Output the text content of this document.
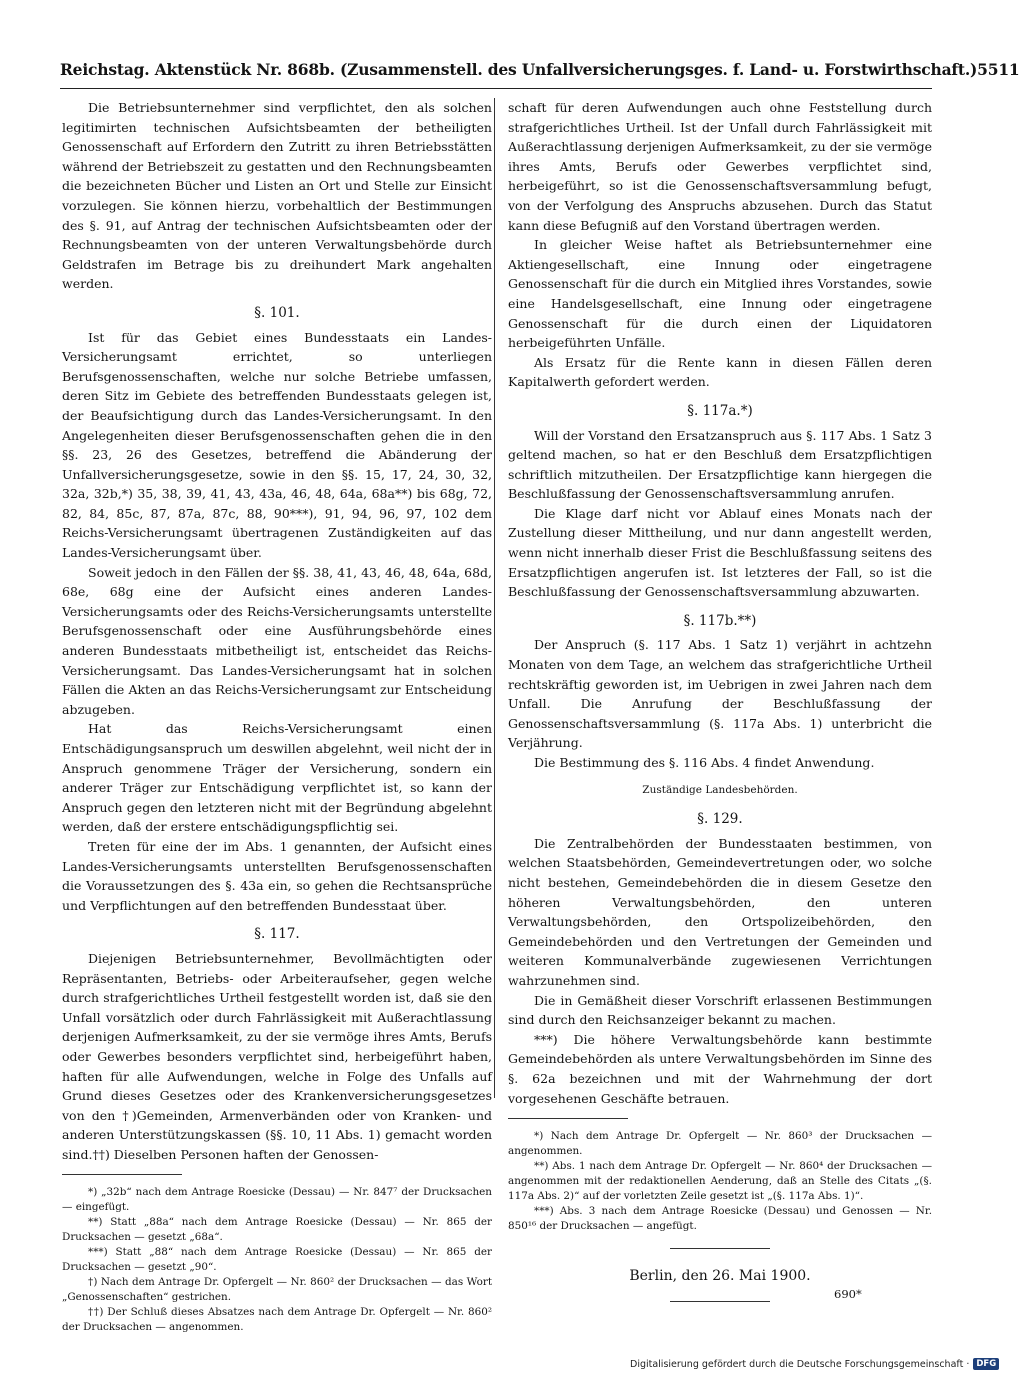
Reichstag. Aktenstück Nr. 868b. (Zusammenstell. des Unfallversicherungsges. f. Land- u. Forstwirthschaft.) 5511

Die Betriebsunternehmer sind verpflichtet, den als solchen legitimirten technischen Aufsichtsbeamten der betheiligten Genossenschaft auf Erfordern den Zutritt zu ihren Betriebsstätten während der Betriebszeit zu gestatten und den Rechnungsbeamten die bezeichneten Bücher und Listen an Ort und Stelle zur Einsicht vorzulegen. Sie können hierzu, vorbehaltlich der Bestimmungen des §. 91, auf Antrag der technischen Aufsichtsbeamten oder der Rechnungsbeamten von der unteren Verwaltungsbehörde durch Geldstrafen im Betrage bis zu dreihundert Mark angehalten werden.

§. 101.

Ist für das Gebiet eines Bundesstaats ein Landes-Versicherungsamt errichtet, so unterliegen Berufsgenossenschaften, welche nur solche Betriebe umfassen, deren Sitz im Gebiete des betreffenden Bundesstaats gelegen ist, der Beaufsichtigung durch das Landes-Versicherungsamt. In den Angelegenheiten dieser Berufsgenossenschaften gehen die in den §§. 23, 26 des Gesetzes, betreffend die Abänderung der Unfallversicherungsgesetze, sowie in den §§. 15, 17, 24, 30, 32, 32a, 32b,*) 35, 38, 39, 41, 43, 43a, 46, 48, 64a, 68a**) bis 68g, 72, 82, 84, 85c, 87, 87a, 87c, 88, 90***), 91, 94, 96, 97, 102 dem Reichs-Versicherungsamt übertragenen Zuständigkeiten auf das Landes-Versicherungsamt über.

Soweit jedoch in den Fällen der §§. 38, 41, 43, 46, 48, 64a, 68d, 68e, 68g eine der Aufsicht eines anderen Landes-Versicherungsamts oder des Reichs-Versicherungsamts unterstellte Berufsgenossenschaft oder eine Ausführungsbehörde eines anderen Bundesstaats mitbetheiligt ist, entscheidet das Reichs-Versicherungsamt. Das Landes-Versicherungsamt hat in solchen Fällen die Akten an das Reichs-Versicherungsamt zur Entscheidung abzugeben.

Hat das Reichs-Versicherungsamt einen Entschädigungsanspruch um deswillen abgelehnt, weil nicht der in Anspruch genommene Träger der Versicherung, sondern ein anderer Träger zur Entschädigung verpflichtet ist, so kann der Anspruch gegen den letzteren nicht mit der Begründung abgelehnt werden, daß der erstere entschädigungspflichtig sei.

Treten für eine der im Abs. 1 genannten, der Aufsicht eines Landes-Versicherungsamts unterstellten Berufsgenossenschaften die Voraussetzungen des §. 43a ein, so gehen die Rechtsansprüche und Verpflichtungen auf den betreffenden Bundesstaat über.

§. 117.

Diejenigen Betriebsunternehmer, Bevollmächtigten oder Repräsentanten, Betriebs- oder Arbeiteraufseher, gegen welche durch strafgerichtliches Urtheil festgestellt worden ist, daß sie den Unfall vorsätzlich oder durch Fahrlässigkeit mit Außerachtlassung derjenigen Aufmerksamkeit, zu der sie vermöge ihres Amts, Berufs oder Gewerbes besonders verpflichtet sind, herbeigeführt haben, haften für alle Aufwendungen, welche in Folge des Unfalls auf Grund dieses Gesetzes oder des Krankenversicherungsgesetzes von den †)Gemeinden, Armenverbänden oder von Kranken- und anderen Unterstützungskassen (§§. 10, 11 Abs. 1) gemacht worden sind.††) Dieselben Personen haften der Genossen-

*) „32b“ nach dem Antrage Roesicke (Dessau) — Nr. 847⁷ der Drucksachen — eingefügt.

**) Statt „88a“ nach dem Antrage Roesicke (Dessau) — Nr. 865 der Drucksachen — gesetzt „68a“.

***) Statt „88“ nach dem Antrage Roesicke (Dessau) — Nr. 865 der Drucksachen — gesetzt „90“.

†) Nach dem Antrage Dr. Opfergelt — Nr. 860² der Drucksachen — das Wort „Genossenschaften“ gestrichen.

††) Der Schluß dieses Absatzes nach dem Antrage Dr. Opfergelt — Nr. 860² der Drucksachen — angenommen.

schaft für deren Aufwendungen auch ohne Feststellung durch strafgerichtliches Urtheil. Ist der Unfall durch Fahrlässigkeit mit Außerachtlassung derjenigen Aufmerksamkeit, zu der sie vermöge ihres Amts, Berufs oder Gewerbes verpflichtet sind, herbeigeführt, so ist die Genossenschaftsversammlung befugt, von der Verfolgung des Anspruchs abzusehen. Durch das Statut kann diese Befugniß auf den Vorstand übertragen werden.

In gleicher Weise haftet als Betriebsunternehmer eine Aktiengesellschaft, eine Innung oder eingetragene Genossenschaft für die durch ein Mitglied ihres Vorstandes, sowie eine Handelsgesellschaft, eine Innung oder eingetragene Genossenschaft für die durch einen der Liquidatoren herbeigeführten Unfälle.

Als Ersatz für die Rente kann in diesen Fällen deren Kapitalwerth gefordert werden.

§. 117a.*)

Will der Vorstand den Ersatzanspruch aus §. 117 Abs. 1 Satz 3 geltend machen, so hat er den Beschluß dem Ersatzpflichtigen schriftlich mitzutheilen. Der Ersatzpflichtige kann hiergegen die Beschlußfassung der Genossenschaftsversammlung anrufen.

Die Klage darf nicht vor Ablauf eines Monats nach der Zustellung dieser Mittheilung, und nur dann angestellt werden, wenn nicht innerhalb dieser Frist die Beschlußfassung seitens des Ersatzpflichtigen angerufen ist. Ist letzteres der Fall, so ist die Beschlußfassung der Genossenschaftsversammlung abzuwarten.

§. 117b.**)

Der Anspruch (§. 117 Abs. 1 Satz 1) verjährt in achtzehn Monaten von dem Tage, an welchem das strafgerichtliche Urtheil rechtskräftig geworden ist, im Uebrigen in zwei Jahren nach dem Unfall. Die Anrufung der Beschlußfassung der Genossenschaftsversammlung (§. 117a Abs. 1) unterbricht die Verjährung.

Die Bestimmung des §. 116 Abs. 4 findet Anwendung.

Zuständige Landesbehörden.
§. 129.

Die Zentralbehörden der Bundesstaaten bestimmen, von welchen Staatsbehörden, Gemeindevertretungen oder, wo solche nicht bestehen, Gemeindebehörden die in diesem Gesetze den höheren Verwaltungsbehörden, den unteren Verwaltungsbehörden, den Ortspolizeibehörden, den Gemeindebehörden und den Vertretungen der Gemeinden und weiteren Kommunalverbände zugewiesenen Verrichtungen wahrzunehmen sind.

Die in Gemäßheit dieser Vorschrift erlassenen Bestimmungen sind durch den Reichsanzeiger bekannt zu machen.

***) Die höhere Verwaltungsbehörde kann bestimmte Gemeindebehörden als untere Verwaltungsbehörden im Sinne des §. 62a bezeichnen und mit der Wahrnehmung der dort vorgesehenen Geschäfte betrauen.

*) Nach dem Antrage Dr. Opfergelt — Nr. 860³ der Drucksachen — angenommen.

**) Abs. 1 nach dem Antrage Dr. Opfergelt — Nr. 860⁴ der Drucksachen — angenommen mit der redaktionellen Aenderung, daß an Stelle des Citats „(§. 117a Abs. 2)“ auf der vorletzten Zeile gesetzt ist „(§. 117a Abs. 1)“.

***) Abs. 3 nach dem Antrage Roesicke (Dessau) und Genossen — Nr. 850¹⁶ der Drucksachen — angefügt.

Berlin, den 26. Mai 1900.
690*
Digitalisierung gefördert durch die Deutsche Forschungsgemeinschaft · DFG
